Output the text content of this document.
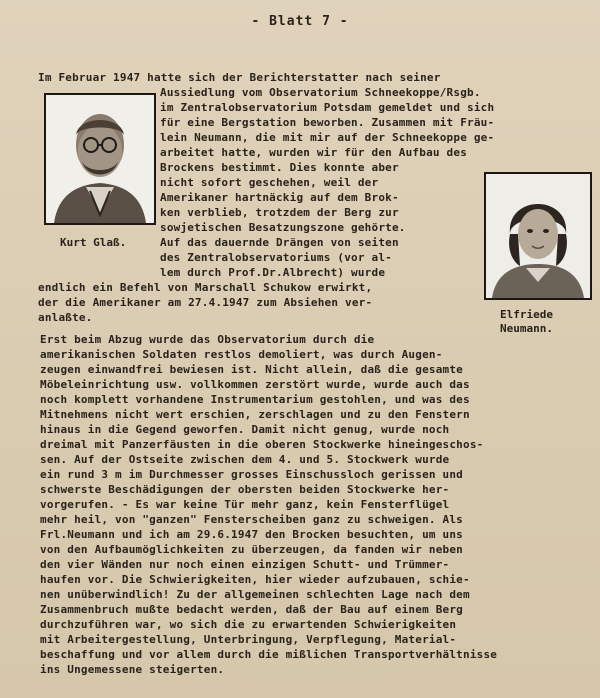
- Blatt 7 -
Kurt Glaß.
Elfriede
Neumann.
Im Februar 1947 hatte sich der Berichterstatter nach seiner
Aussiedlung vom Observatorium Schneekoppe/Rsgb.
im Zentralobservatorium Potsdam gemeldet und sich
für eine Bergstation beworben. Zusammen mit Fräu-
lein Neumann, die mit mir auf der Schneekoppe ge-
arbeitet hatte, wurden wir für den Aufbau des
Brockens bestimmt. Dies konnte aber
nicht sofort geschehen, weil der
Amerikaner hartnäckig auf dem Brok-
ken verblieb, trotzdem der Berg zur
sowjetischen Besatzungszone gehörte.
Auf das dauernde Drängen von seiten
des Zentralobservatoriums (vor al-
lem durch Prof.Dr.Albrecht) wurde
endlich ein Befehl von Marschall Schukow erwirkt,
der die Amerikaner am 27.4.1947 zum Absiehen ver-
anlaßte.
Erst beim Abzug wurde das Observatorium durch die
amerikanischen Soldaten restlos demoliert, was durch Augen-
zeugen einwandfrei bewiesen ist. Nicht allein, daß die gesamte
Möbeleinrichtung usw. vollkommen zerstört wurde, wurde auch das
noch komplett vorhandene Instrumentarium gestohlen, und was des
Mitnehmens nicht wert erschien, zerschlagen und zu den Fenstern
hinaus in die Gegend geworfen. Damit nicht genug, wurde noch
dreimal mit Panzerfäusten in die oberen Stockwerke hineingeschos-
sen. Auf der Ostseite zwischen dem 4. und 5. Stockwerk wurde
ein rund 3 m im Durchmesser grosses Einschussloch gerissen und
schwerste Beschädigungen der obersten beiden Stockwerke her-
vorgerufen. - Es war keine Tür mehr ganz, kein Fensterflügel
mehr heil, von "ganzen" Fensterscheiben ganz zu schweigen. Als
Frl.Neumann und ich am 29.6.1947 den Brocken besuchten, um uns
von den Aufbaumöglichkeiten zu überzeugen, da fanden wir neben
den vier Wänden nur noch einen einzigen Schutt- und Trümmer-
haufen vor. Die Schwierigkeiten, hier wieder aufzubauen, schie-
nen unüberwindlich! Zu der allgemeinen schlechten Lage nach dem
Zusammenbruch mußte bedacht werden, daß der Bau auf einem Berg
durchzuführen war, wo sich die zu erwartenden Schwierigkeiten
mit Arbeitergestellung, Unterbringung, Verpflegung, Material-
beschaffung und vor allem durch die mißlichen Transportverhältnisse
ins Ungemessene steigerten.
